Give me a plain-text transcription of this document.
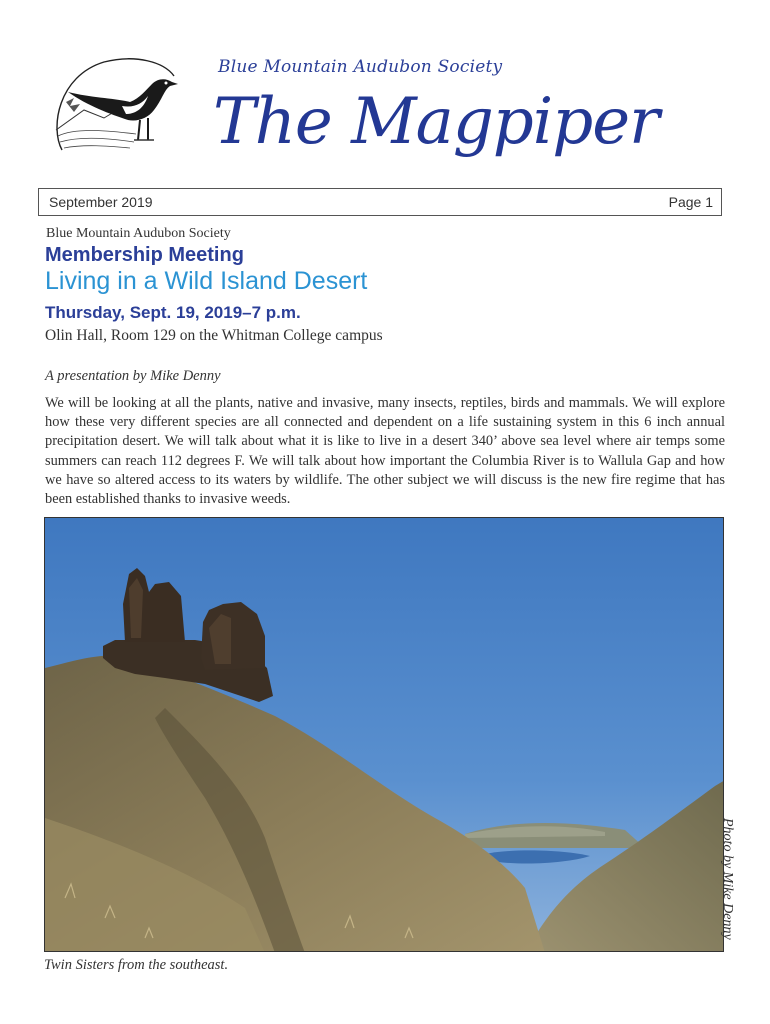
Blue Mountain Audubon Society
The Magpiper
September 2019	Page 1
Blue Mountain Audubon Society
Membership Meeting
Living in a Wild Island Desert
Thursday, Sept. 19, 2019–7 p.m.
Olin Hall, Room 129 on the Whitman College campus
A presentation by Mike Denny

We will be looking at all the plants, native and invasive, many insects, reptiles, birds and mammals. We will explore how these very different species are all connected and dependent on a life sustaining system in this 6 inch annual precipitation desert. We will talk about what it is like to live in a desert 340’ above sea level where air temps some summers can reach 112 degrees F. We will talk about how important the Columbia River is to Wallula Gap and how we have so altered access to its waters by wildlife. The other subject we will discuss is the new fire regime that has been established thanks to invasive weeds.

Photo by Mike Denny
Twin Sisters from the southeast.
